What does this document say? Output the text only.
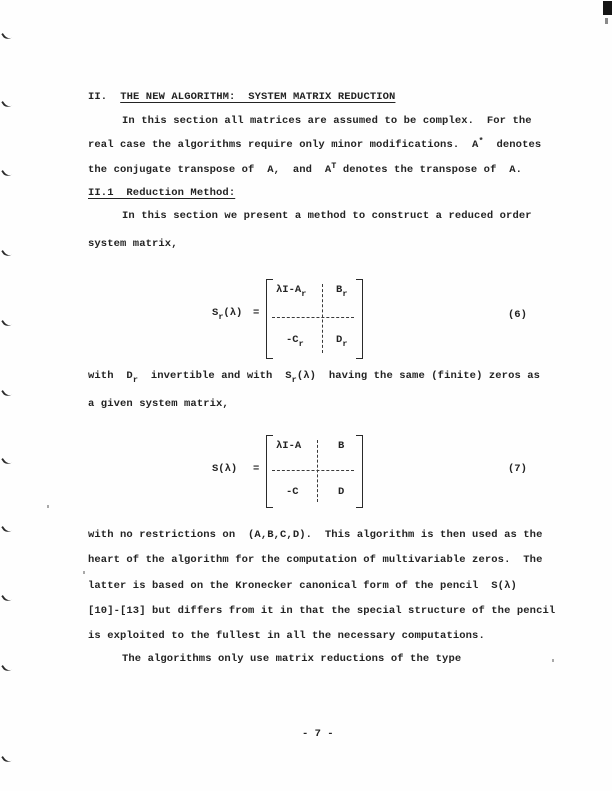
II. THE NEW ALGORITHM:  SYSTEM MATRIX REDUCTION
In this section all matrices are assumed to be complex.  For the
real case the algorithms require only minor modifications.  A*  denotes
the conjugate transpose of  A,  and  $A^T$ denotes the transpose of  A.
II.1  Reduction Method:
In this section we present a method to construct a reduced order
system matrix,
$S_r(\lambda)$ =
$\lambda I-A_r$	$B_r$
$-C_r$	$D_r$
(6)
with  $D_r$  invertible and with  $S_r(\lambda)$  having the same (finite) zeros as
a given system matrix,
S(λ) =
λI-A	B
-C	D
(7)
with no restrictions on  (A,B,C,D).  This algorithm is then used as the
heart of the algorithm for the computation of multivariable zeros.  The
latter is based on the Kronecker canonical form of the pencil  S(λ)
[10]-[13] but differs from it in that the special structure of the pencil
is exploited to the fullest in all the necessary computations.
The algorithms only use matrix reductions of the type
- 7 -
